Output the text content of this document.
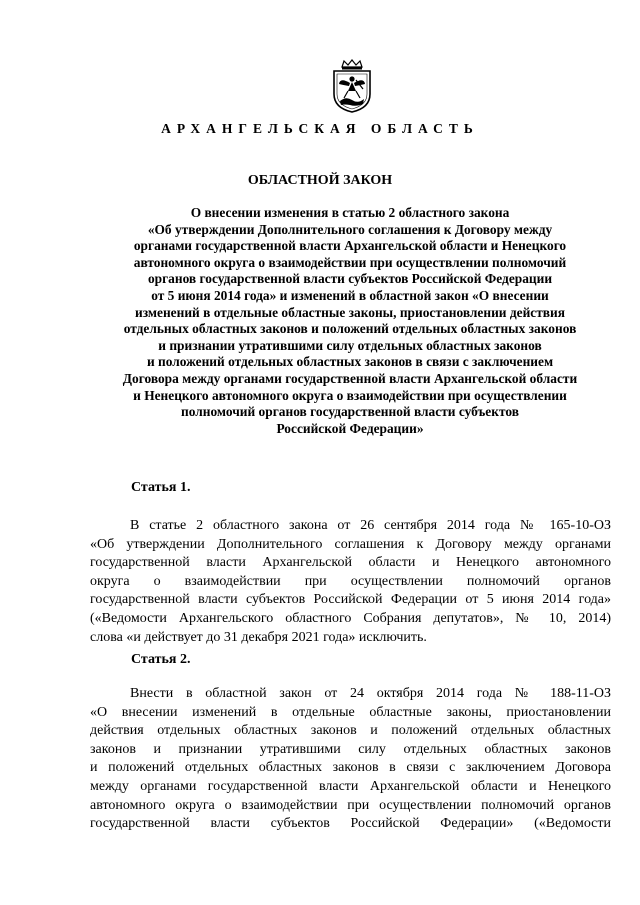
АРХАНГЕЛЬСКАЯ ОБЛАСТЬ
ОБЛАСТНОЙ ЗАКОН
О внесении изменения в статью 2 областного закона
«Об утверждении Дополнительного соглашения к Договору между
органами государственной власти Архангельской области и Ненецкого
автономного округа о взаимодействии при осуществлении полномочий
органов государственной власти субъектов Российской Федерации
от 5 июня 2014 года» и изменений в областной закон «О внесении
изменений в отдельные областные законы, приостановлении действия
отдельных областных законов и положений отдельных областных законов
и признании утратившими силу отдельных областных законов
и положений отдельных областных законов в связи с заключением
Договора между органами государственной власти Архангельской области
и Ненецкого автономного округа о взаимодействии при осуществлении
полномочий органов государственной власти субъектов
Российской Федерации»
Статья 1.
В статье 2 областного закона от 26 сентября 2014 года № 165-10-ОЗ
«Об утверждении Дополнительного соглашения к Договору между органами
государственной власти Архангельской области и Ненецкого автономного
округа о взаимодействии при осуществлении полномочий органов
государственной власти субъектов Российской Федерации от 5 июня 2014 года»
(«Ведомости Архангельского областного Собрания депутатов», № 10, 2014)
слова «и действует до 31 декабря 2021 года» исключить.
Статья 2.
Внести в областной закон от 24 октября 2014 года № 188-11-ОЗ
«О внесении изменений в отдельные областные законы, приостановлении
действия отдельных областных законов и положений отдельных областных
законов и признании утратившими силу отдельных областных законов
и положений отдельных областных законов в связи с заключением Договора
между органами государственной власти Архангельской области и Ненецкого
автономного округа о взаимодействии при осуществлении полномочий органов
государственной власти субъектов Российской Федерации» («Ведомости
